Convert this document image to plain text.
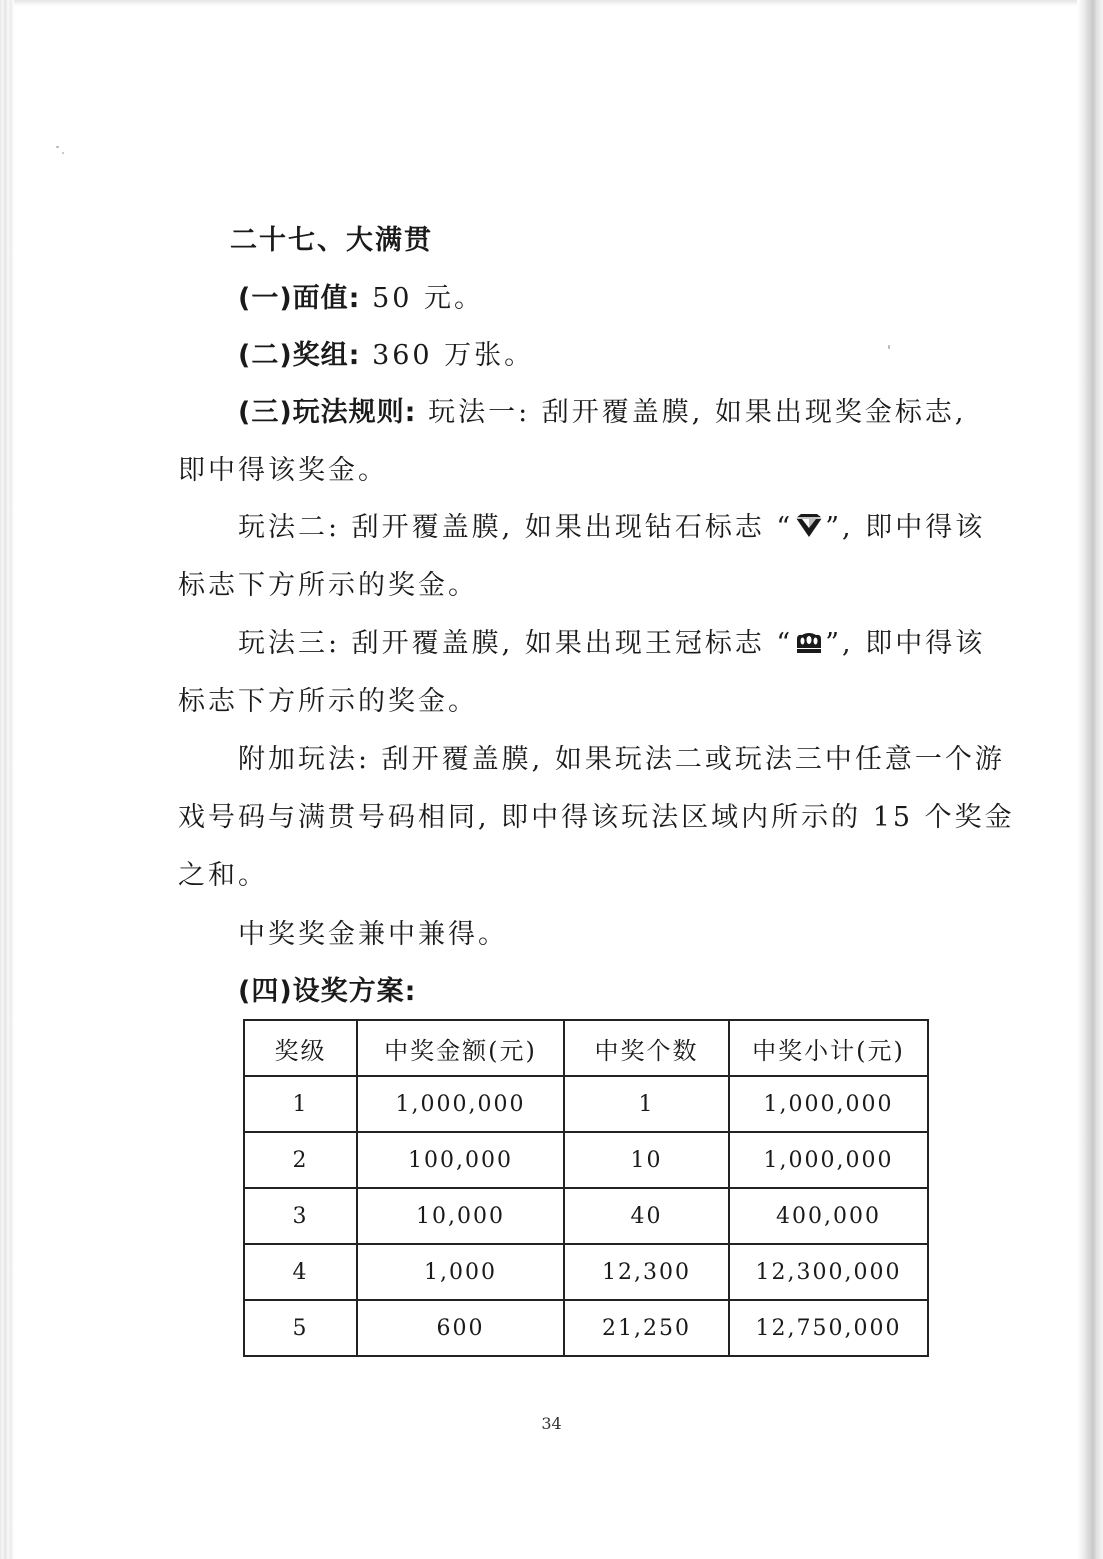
二十七、大满贯
(一)面值: 50 元。
(二)奖组: 360 万张。
(三)玩法规则: 玩法一: 刮开覆盖膜, 如果出现奖金标志,
即中得该奖金。
玩法二: 刮开覆盖膜, 如果出现钻石标志 “ ”, 即中得该
标志下方所示的奖金。
玩法三: 刮开覆盖膜, 如果出现王冠标志 “ ”, 即中得该
标志下方所示的奖金。
附加玩法: 刮开覆盖膜, 如果玩法二或玩法三中任意一个游
戏号码与满贯号码相同, 即中得该玩法区域内所示的 15 个奖金
之和。
中奖奖金兼中兼得。
(四)设奖方案:
奖级	中奖金额(元)	中奖个数	中奖小计(元)
1	1,000,000	1	1,000,000
2	100,000	10	1,000,000
3	10,000	40	400,000
4	1,000	12,300	12,300,000
5	600	21,250	12,750,000
34
